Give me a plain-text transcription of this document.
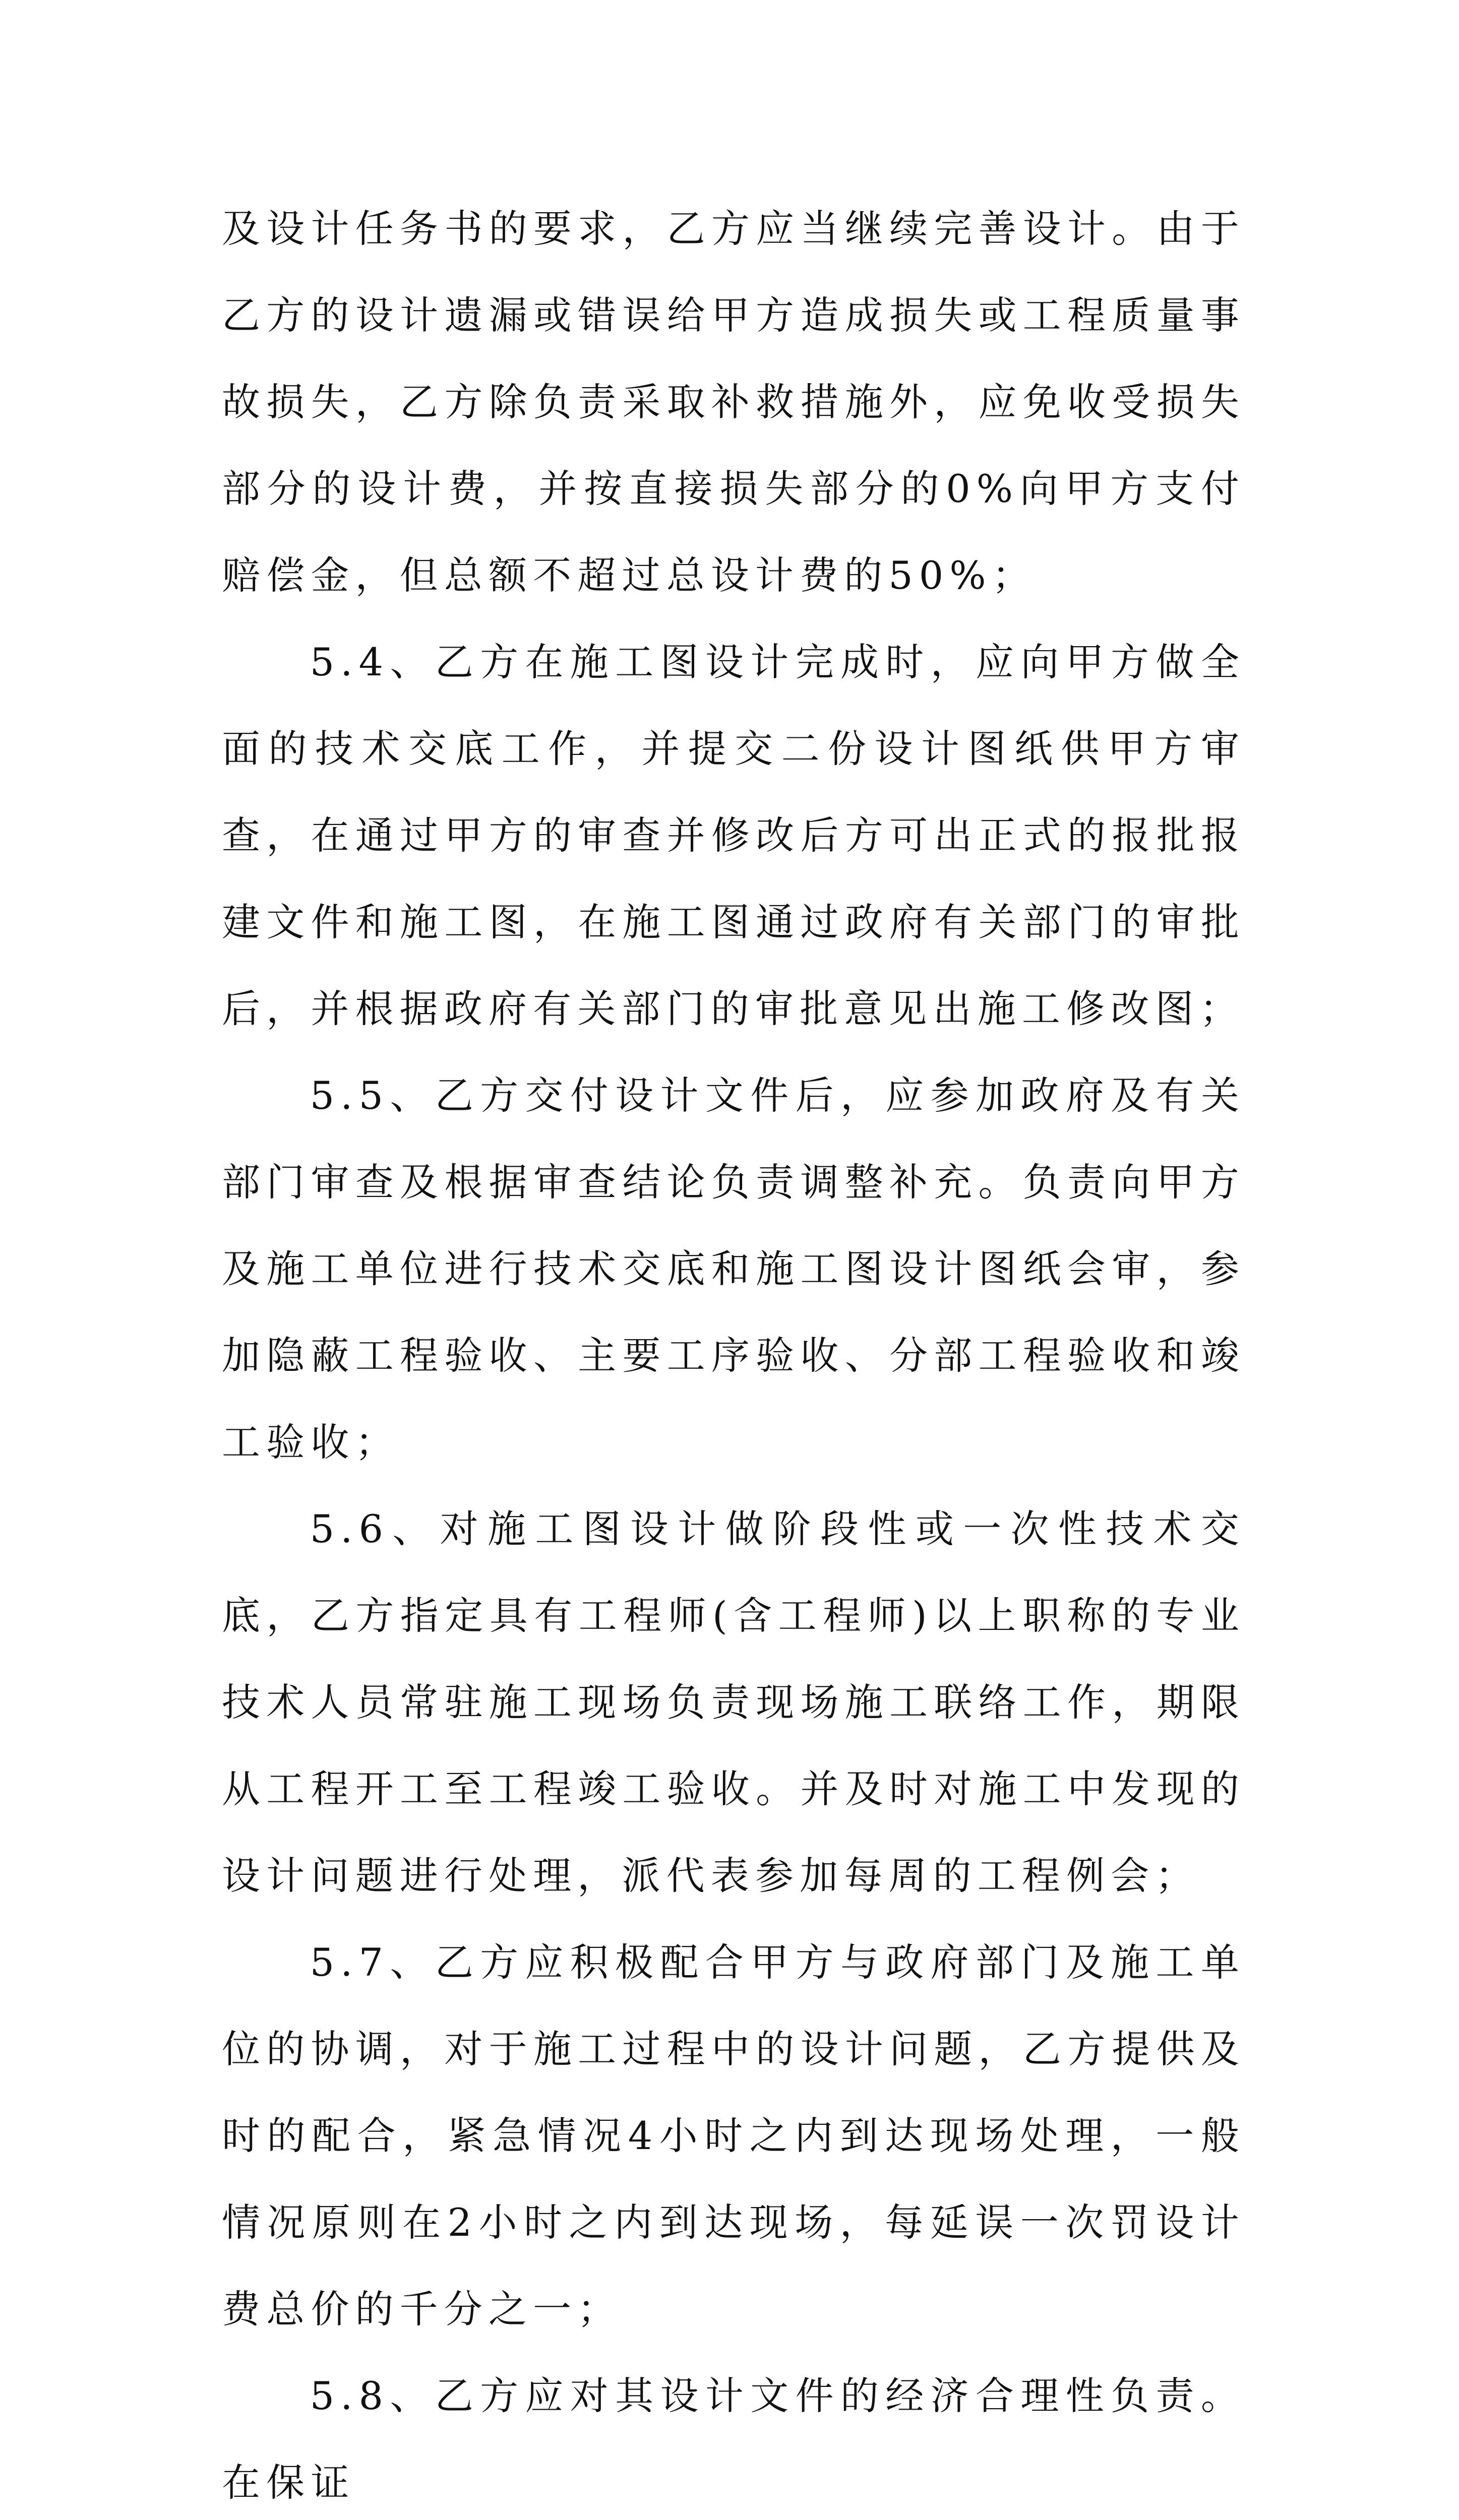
及设计任务书的要求，乙方应当继续完善设计。由于乙方的设计遗漏或错误给甲方造成损失或工程质量事故损失，乙方除负责采取补救措施外，应免收受损失部分的设计费，并按直接损失部分的0%向甲方支付赔偿金，但总额不超过总设计费的50%；

5.4、乙方在施工图设计完成时，应向甲方做全面的技术交底工作，并提交二份设计图纸供甲方审查，在通过甲方的审查并修改后方可出正式的报批报建文件和施工图，在施工图通过政府有关部门的审批后，并根据政府有关部门的审批意见出施工修改图；

5.5、乙方交付设计文件后，应参加政府及有关部门审查及根据审查结论负责调整补充。负责向甲方及施工单位进行技术交底和施工图设计图纸会审，参加隐蔽工程验收、主要工序验收、分部工程验收和竣工验收；

5.6、对施工图设计做阶段性或一次性技术交底，乙方指定具有工程师(含工程师)以上职称的专业技术人员常驻施工现场负责现场施工联络工作，期限从工程开工至工程竣工验收。并及时对施工中发现的设计问题进行处理，派代表参加每周的工程例会；

5.7、乙方应积极配合甲方与政府部门及施工单位的协调，对于施工过程中的设计问题，乙方提供及时的配合，紧急情况4小时之内到达现场处理，一般情况原则在2小时之内到达现场，每延误一次罚设计费总价的千分之一；

5.8、乙方应对其设计文件的经济合理性负责。在保证
